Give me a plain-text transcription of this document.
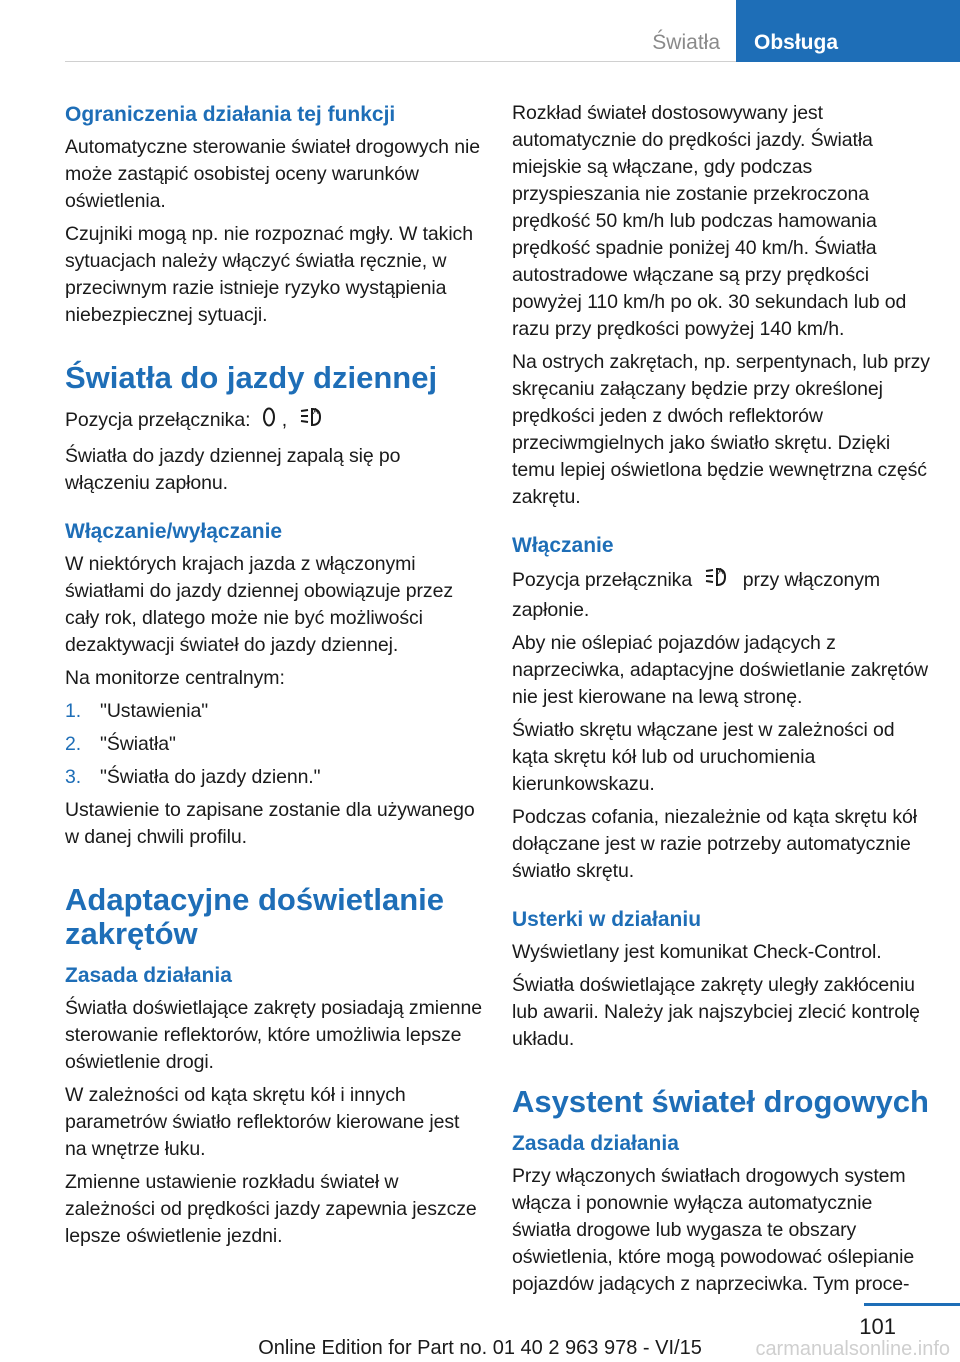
Światła	Obsługa
Ograniczenia działania tej funkcji

Automatyczne sterowanie świateł drogowych nie może zastąpić osobistej oceny warunków oświetlenia.

Czujniki mogą np. nie rozpoznać mgły. W takich sytuacjach należy włączyć światła ręcznie, w przeciwnym razie istnieje ryzyko wystąpienia niebezpiecznej sytuacji.

Światła do jazdy dziennej

Pozycja przełącznika: ,	A

Światła do jazdy dziennej zapalą się po włączeniu zapłonu.

Włączanie/wyłączanie

W niektórych krajach jazda z włączonymi światłami do jazdy dziennej obowiązuje przez cały rok, dlatego może nie być możliwości dezaktywacji świateł do jazdy dziennej.

Na monitorze centralnym:

1. "Ustawienia"
2. "Światła"
3. "Światła do jazdy dzienn."

Ustawienie to zapisane zostanie dla używanego w danej chwili profilu.

Adaptacyjne doświetlanie zakrętów
Zasada działania

Światła doświetlające zakręty posiadają zmienne sterowanie reflektorów, które umożliwia lepsze oświetlenie drogi.

W zależności od kąta skrętu kół i innych parametrów światło reflektorów kierowane jest na wnętrze łuku.

Zmienne ustawienie rozkładu świateł w zależności od prędkości jazdy zapewnia jeszcze lepsze oświetlenie jezdni.

Rozkład świateł dostosowywany jest automatycznie do prędkości jazdy. Światła miejskie są włączane, gdy podczas przyspieszania nie zostanie przekroczona prędkość 50 km/h lub podczas hamowania prędkość spadnie poniżej 40 km/h. Światła autostradowe włączane są przy prędkości powyżej 110 km/h po ok. 30 sekundach lub od razu przy prędkości powyżej 140 km/h.

Na ostrych zakrętach, np. serpentynach, lub przy skręcaniu załączany będzie przy określonej prędkości jeden z dwóch reflektorów przeciwmgielnych jako światło skrętu. Dzięki temu lepiej oświetlona będzie wewnętrzna część zakrętu.

Włączanie

Pozycja przełącznika	A przy włączonym zapłonie.

Aby nie oślepiać pojazdów jadących z naprzeciwka, adaptacyjne doświetlanie zakrętów nie jest kierowane na lewą stronę.

Światło skrętu włączane jest w zależności od kąta skrętu kół lub od uruchomienia kierunkowskazu.

Podczas cofania, niezależnie od kąta skrętu kół dołączane jest w razie potrzeby automatycznie światło skrętu.

Usterki w działaniu

Wyświetlany jest komunikat Check-Control.

Światła doświetlające zakręty uległy zakłóceniu lub awarii. Należy jak najszybciej zlecić kontrolę układu.

Asystent świateł drogowych
Zasada działania

Przy włączonych światłach drogowych system włącza i ponownie wyłącza automatycznie światła drogowe lub wygasza te obszary oświetlenia, które mogą powodować oślepianie pojazdów jadących z naprzeciwka. Tym proce-

101
Online Edition for Part no. 01 40 2 963 978 - VI/15	carmanualsonline.info
